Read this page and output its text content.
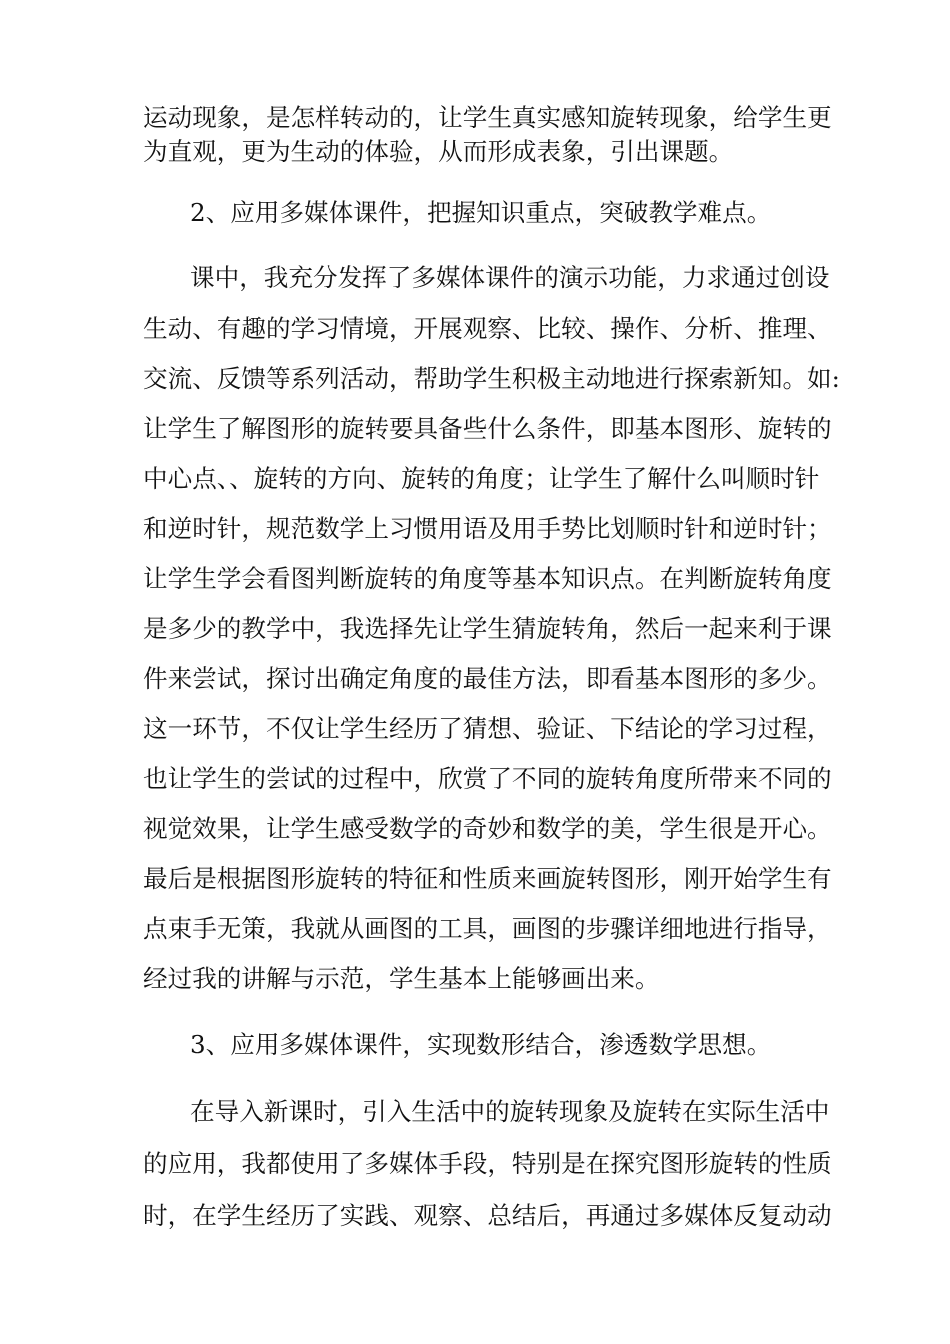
运动现象，是怎样转动的，让学生真实感知旋转现象，给学生更
为直观，更为生动的体验，从而形成表象，引出课题。
2、应用多媒体课件，把握知识重点，突破教学难点。
课中，我充分发挥了多媒体课件的演示功能，力求通过创设
生动、有趣的学习情境，开展观察、比较、操作、分析、推理、
交流、反馈等系列活动，帮助学生积极主动地进行探索新知。如:
让学生了解图形的旋转要具备些什么条件，即基本图形、旋转的
中心点、、旋转的方向、旋转的角度；让学生了解什么叫顺时针
和逆时针，规范数学上习惯用语及用手势比划顺时针和逆时针；
让学生学会看图判断旋转的角度等基本知识点。在判断旋转角度
是多少的教学中，我选择先让学生猜旋转角，然后一起来利于课
件来尝试，探讨出确定角度的最佳方法，即看基本图形的多少。
这一环节，不仅让学生经历了猜想、验证、下结论的学习过程，
也让学生的尝试的过程中，欣赏了不同的旋转角度所带来不同的
视觉效果，让学生感受数学的奇妙和数学的美，学生很是开心。
最后是根据图形旋转的特征和性质来画旋转图形，刚开始学生有
点束手无策，我就从画图的工具，画图的步骤详细地进行指导，
经过我的讲解与示范，学生基本上能够画出来。
3、应用多媒体课件，实现数形结合，渗透数学思想。
在导入新课时，引入生活中的旋转现象及旋转在实际生活中
的应用，我都使用了多媒体手段，特别是在探究图形旋转的性质
时，在学生经历了实践、观察、总结后，再通过多媒体反复动动
